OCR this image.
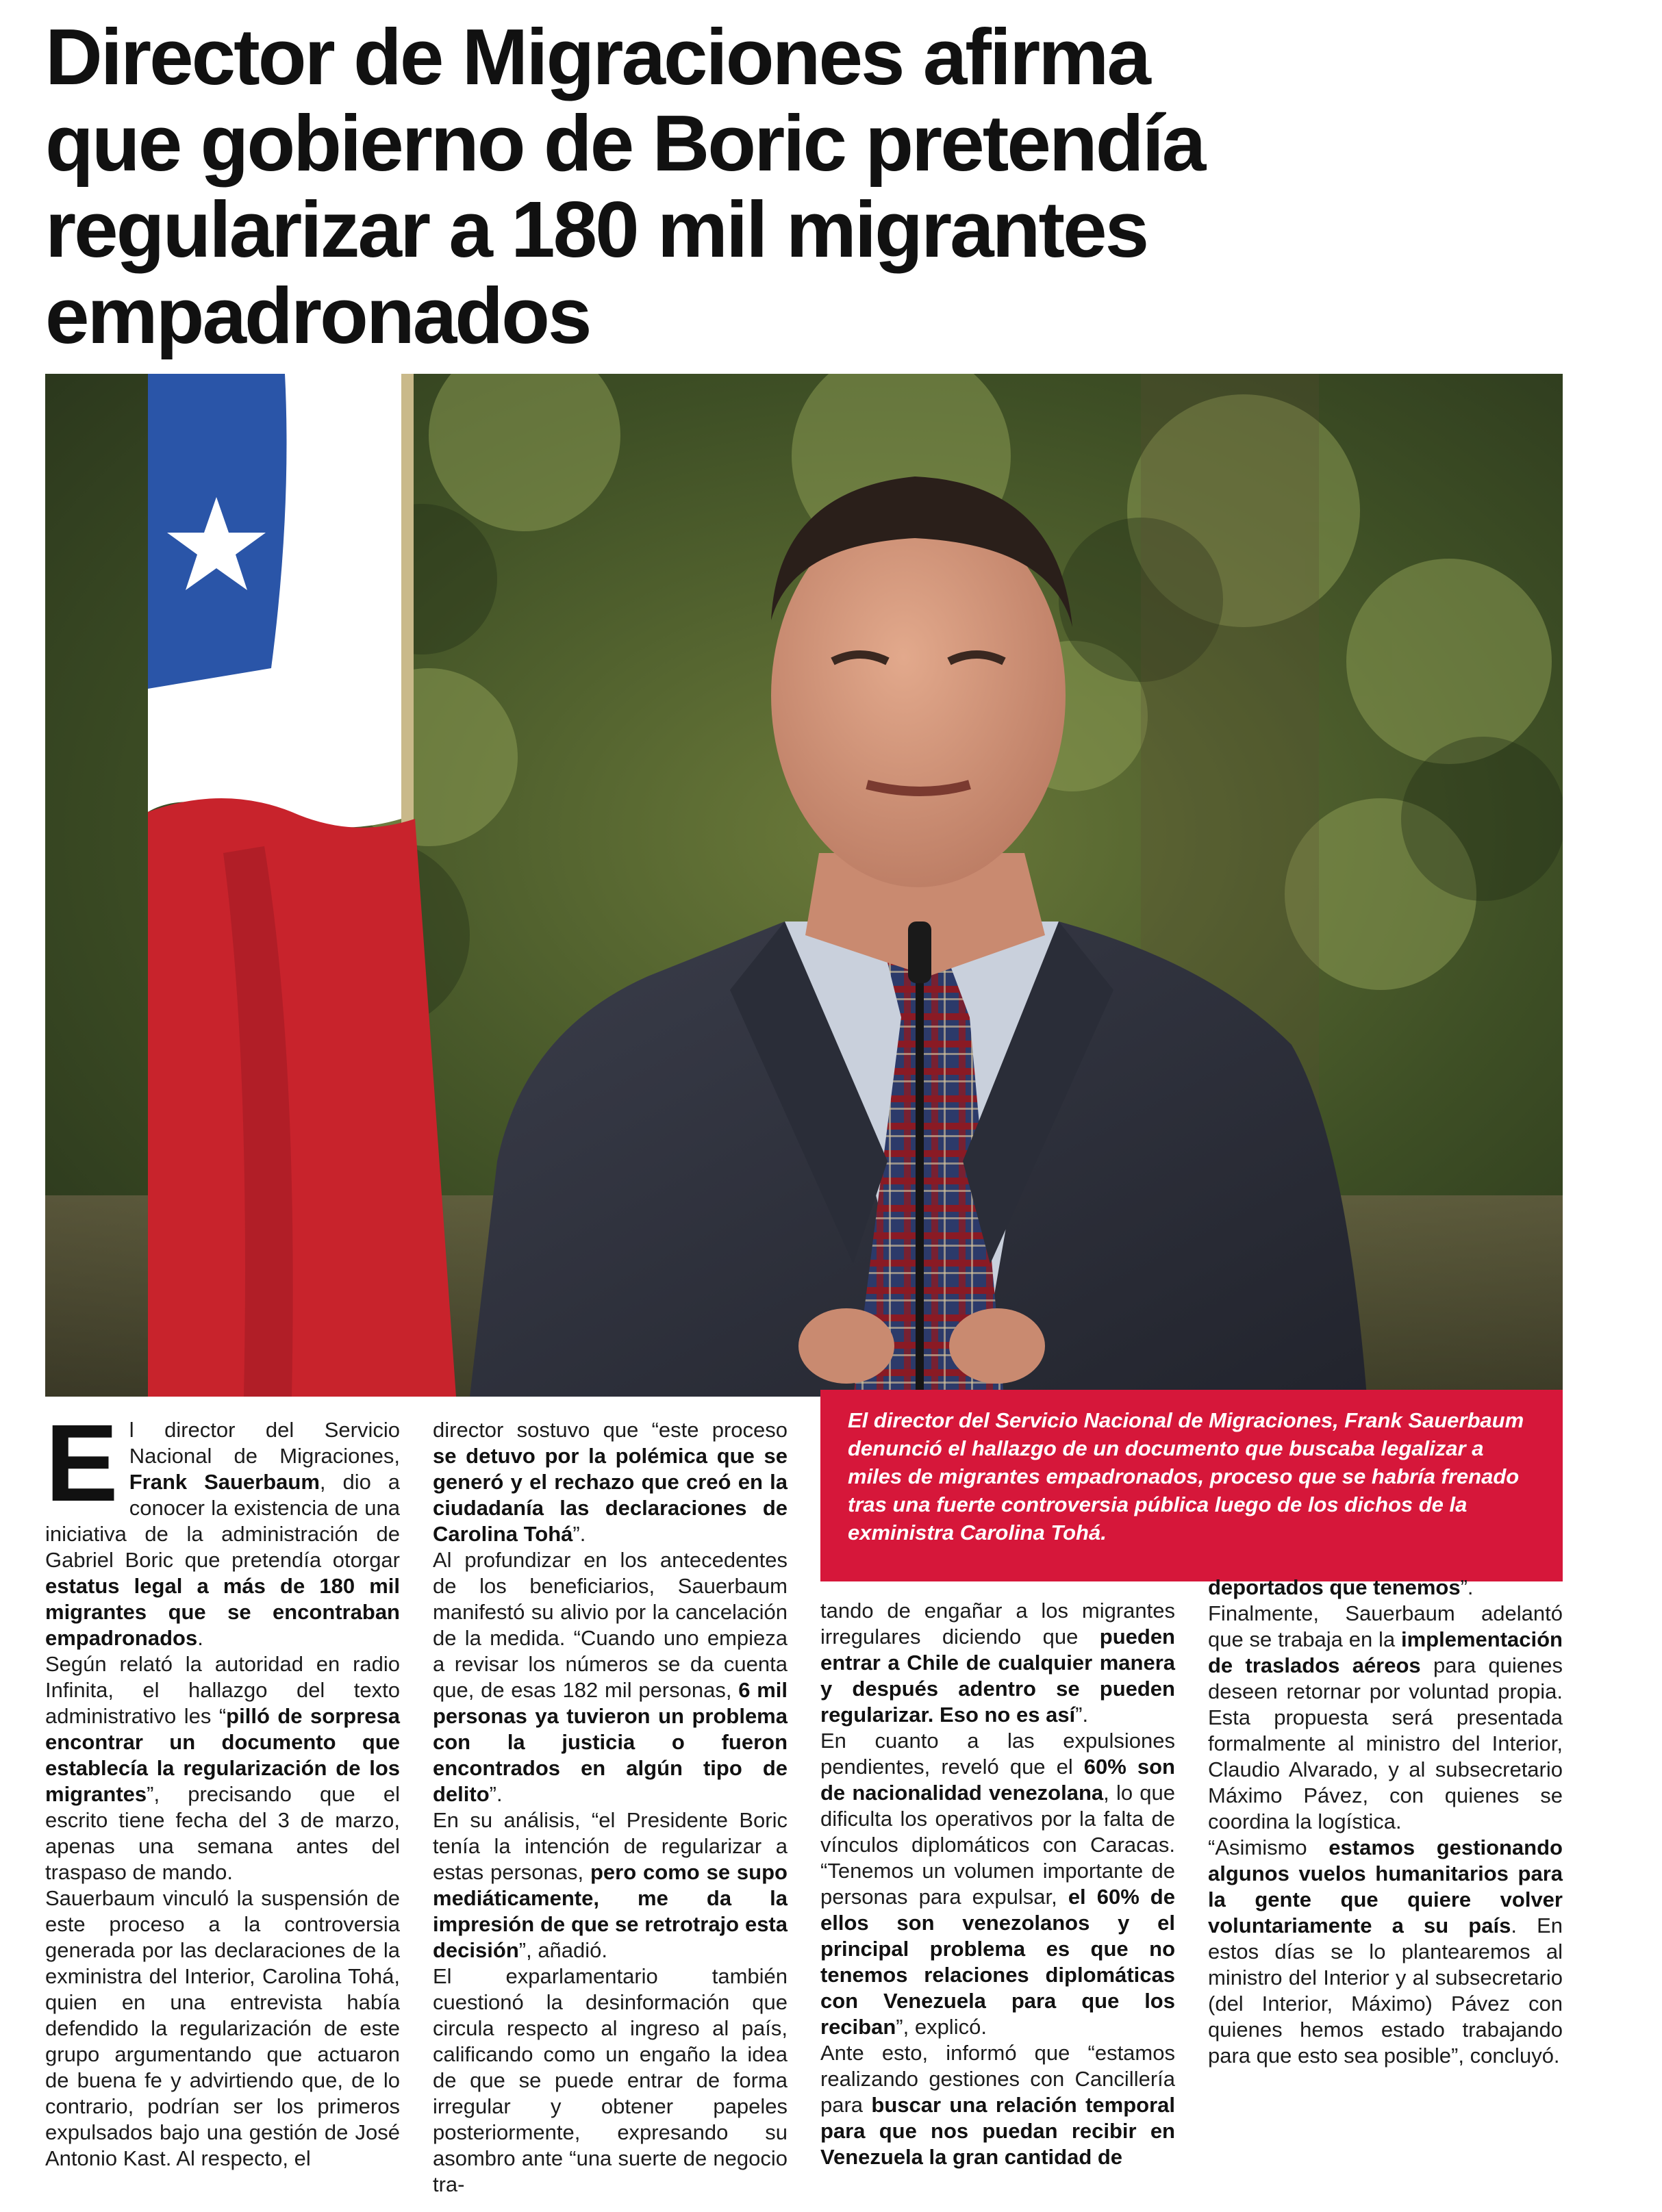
Director de Migraciones afirma
que gobierno de Boric pretendía
regularizar a 180 mil migrantes
empadronados

El director del Servicio Nacional de Migraciones, Frank Sauerbaum denunció el hallazgo de un documento que buscaba legalizar a miles de migrantes empadronados, proceso que se habría frenado tras una fuerte controversia pública luego de los dichos de la exministra Carolina Tohá.

El director del Servicio Nacional de Migraciones, Frank Sauerbaum, dio a conocer la existencia de una iniciativa de la administración de Gabriel Boric que pretendía otorgar estatus legal a más de 180 mil migrantes que se encontraban empadronados.

Según relató la autoridad en radio Infinita, el hallazgo del texto administrativo les “pilló de sorpresa encontrar un documento que establecía la regularización de los migrantes”, precisando que el escrito tiene fecha del 3 de marzo, apenas una semana antes del traspaso de mando.

Sauerbaum vinculó la suspensión de este proceso a la controversia generada por las declaraciones de la exministra del Interior, Carolina Tohá, quien en una entrevista había defendido la regularización de este grupo argumentando que actuaron de buena fe y advirtiendo que, de lo contrario, podrían ser los primeros expulsados bajo una gestión de José Antonio Kast. Al respecto, el

director sostuvo que “este proceso se detuvo por la polémica que se generó y el rechazo que creó en la ciudadanía las declaraciones de Carolina Tohá”.

Al profundizar en los antecedentes de los beneficiarios, Sauerbaum manifestó su alivio por la cancelación de la medida. “Cuando uno empieza a revisar los números se da cuenta que, de esas 182 mil personas, 6 mil personas ya tuvieron un problema con la justicia o fueron encontrados en algún tipo de delito”.

En su análisis, “el Presidente Boric tenía la intención de regularizar a estas personas, pero como se supo mediáticamente, me da la impresión de que se retrotrajo esta decisión”, añadió.

El exparlamentario también cuestionó la desinformación que circula respecto al ingreso al país, calificando como un engaño la idea de que se puede entrar de forma irregular y obtener papeles posteriormente, expresando su asombro ante “una suerte de negocio tra-

tando de engañar a los migrantes irregulares diciendo que pueden entrar a Chile de cualquier manera y después adentro se pueden regularizar. Eso no es así”.

En cuanto a las expulsiones pendientes, reveló que el 60% son de nacionalidad venezolana, lo que dificulta los operativos por la falta de vínculos diplomáticos con Caracas. “Tenemos un volumen importante de personas para expulsar, el 60% de ellos son venezolanos y el principal problema es que no tenemos relaciones diplomáticas con Venezuela para que los reciban”, explicó.

Ante esto, informó que “estamos realizando gestiones con Cancillería para buscar una relación temporal para que nos puedan recibir en Venezuela la gran cantidad de

deportados que tenemos”.

Finalmente, Sauerbaum adelantó que se trabaja en la implementación de traslados aéreos para quienes deseen retornar por voluntad propia. Esta propuesta será presentada formalmente al ministro del Interior, Claudio Alvarado, y al subsecretario Máximo Pávez, con quienes se coordina la logística.

“Asimismo estamos gestionando algunos vuelos humanitarios para la gente que quiere volver voluntariamente a su país. En estos días se lo plantearemos al ministro del Interior y al subsecretario (del Interior, Máximo) Pávez con quienes hemos estado trabajando para que esto sea posible”, concluyó.
